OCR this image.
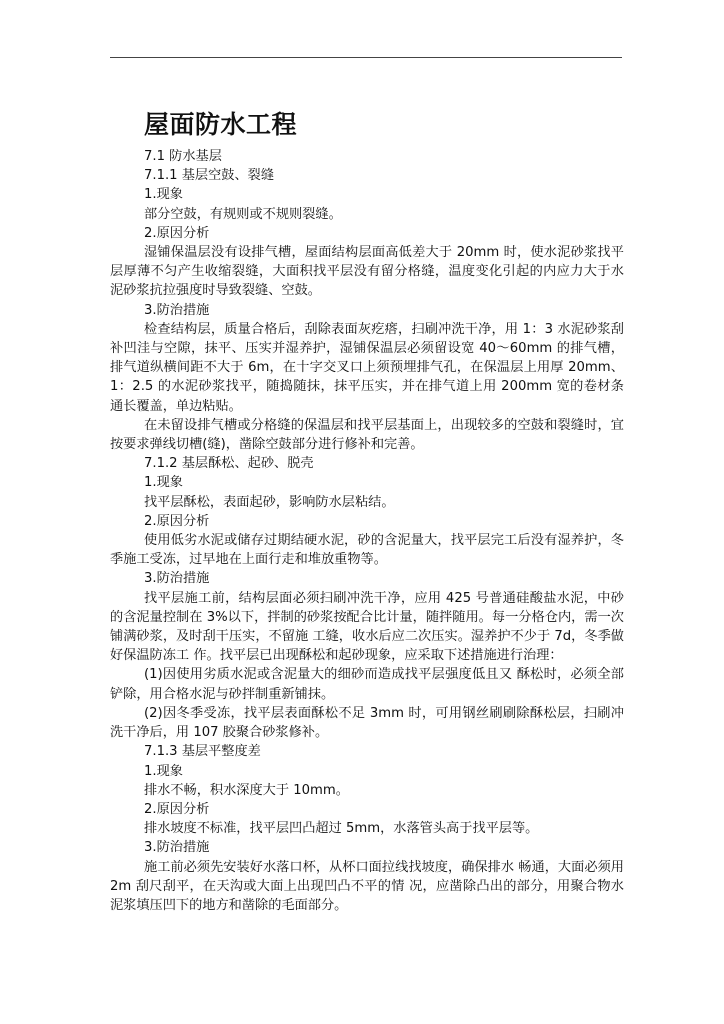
屋面防水工程
7.1 防水基层
7.1.1 基层空鼓、裂缝
1.现象
部分空鼓，有规则或不规则裂缝。
2.原因分析
湿铺保温层没有设排气槽，屋面结构层面高低差大于 20mm 时，使水泥砂浆找平层厚薄不匀产生收缩裂缝，大面积找平层没有留分格缝，温度变化引起的内应力大于水泥砂浆抗拉强度时导致裂缝、空鼓。
3.防治措施
检查结构层，质量合格后，刮除表面灰疙瘩，扫刷冲洗干净，用 1：3 水泥砂浆刮补凹洼与空隙，抹平、压实并湿养护，湿铺保温层必须留设宽 40～60mm 的排气槽，排气道纵横间距不大于 6m，在十字交叉口上须预埋排气孔，在保温层上用厚 20mm、1：2.5 的水泥砂浆找平，随捣随抹，抹平压实，并在排气道上用 200mm 宽的卷材条通长覆盖，单边粘贴。
在未留设排气槽或分格缝的保温层和找平层基面上，出现较多的空鼓和裂缝时，宜按要求弹线切槽(缝)，凿除空鼓部分进行修补和完善。
7.1.2 基层酥松、起砂、脱壳
1.现象
找平层酥松，表面起砂，影响防水层粘结。
2.原因分析
使用低劣水泥或储存过期结硬水泥，砂的含泥量大，找平层完工后没有湿养护，冬季施工受冻，过早地在上面行走和堆放重物等。
3.防治措施
找平层施工前，结构层面必须扫刷冲洗干净，应用 425 号普通硅酸盐水泥，中砂的含泥量控制在 3%以下，拌制的砂浆按配合比计量，随拌随用。每一分格仓内，需一次铺满砂浆，及时刮干压实，不留施 工缝，收水后应二次压实。湿养护不少于 7d，冬季做好保温防冻工 作。找平层已出现酥松和起砂现象，应采取下述措施进行治理：
(1)因使用劣质水泥或含泥量大的细砂而造成找平层强度低且又 酥松时，必须全部铲除，用合格水泥与砂拌制重新铺抹。
(2)因冬季受冻，找平层表面酥松不足 3mm 时，可用钢丝刷刷除酥松层，扫刷冲洗干净后，用 107 胶聚合砂浆修补。
7.1.3 基层平整度差
1.现象
排水不畅，积水深度大于 10mm。
2.原因分析
排水坡度不标准，找平层凹凸超过 5mm，水落管头高于找平层等。
3.防治措施
施工前必须先安装好水落口杯，从杯口面拉线找坡度，确保排水 畅通，大面必须用 2m 刮尺刮平，在天沟或大面上出现凹凸不平的情 况，应凿除凸出的部分，用聚合物水泥浆填压凹下的地方和凿除的毛面部分。
